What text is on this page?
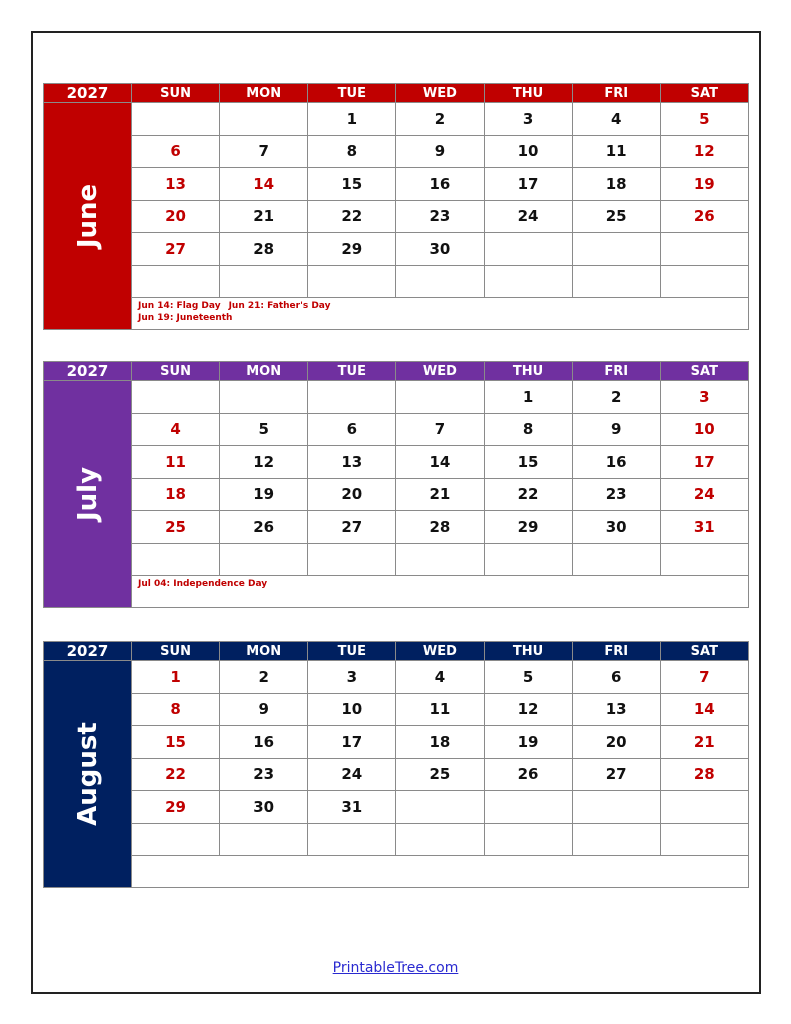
2027	SUN	MON	TUE	WED	THU	FRI	SAT

June			1	2	3	4	5
	6	7	8	9	10	11	12
	13	14	15	16	17	18	19
	20	21	22	23	24	25	26
	27	28	29	30			

	Jun 14: Flag Day Jun 21: Father's Day
Jun 19: Juneteenth						
2027	SUN	MON	TUE	WED	THU	FRI	SAT

July					1	2	3
	4	5	6	7	8	9	10
	11	12	13	14	15	16	17
	18	19	20	21	22	23	24
	25	26	27	28	29	30	31

	Jul 04: Independence Day						
2027	SUN	MON	TUE	WED	THU	FRI	SAT

August	1	2	3	4	5	6	7
	8	9	10	11	12	13	14
	15	16	17	18	19	20	21
	22	23	24	25	26	27	28
	29	30	31				

PrintableTree.com
